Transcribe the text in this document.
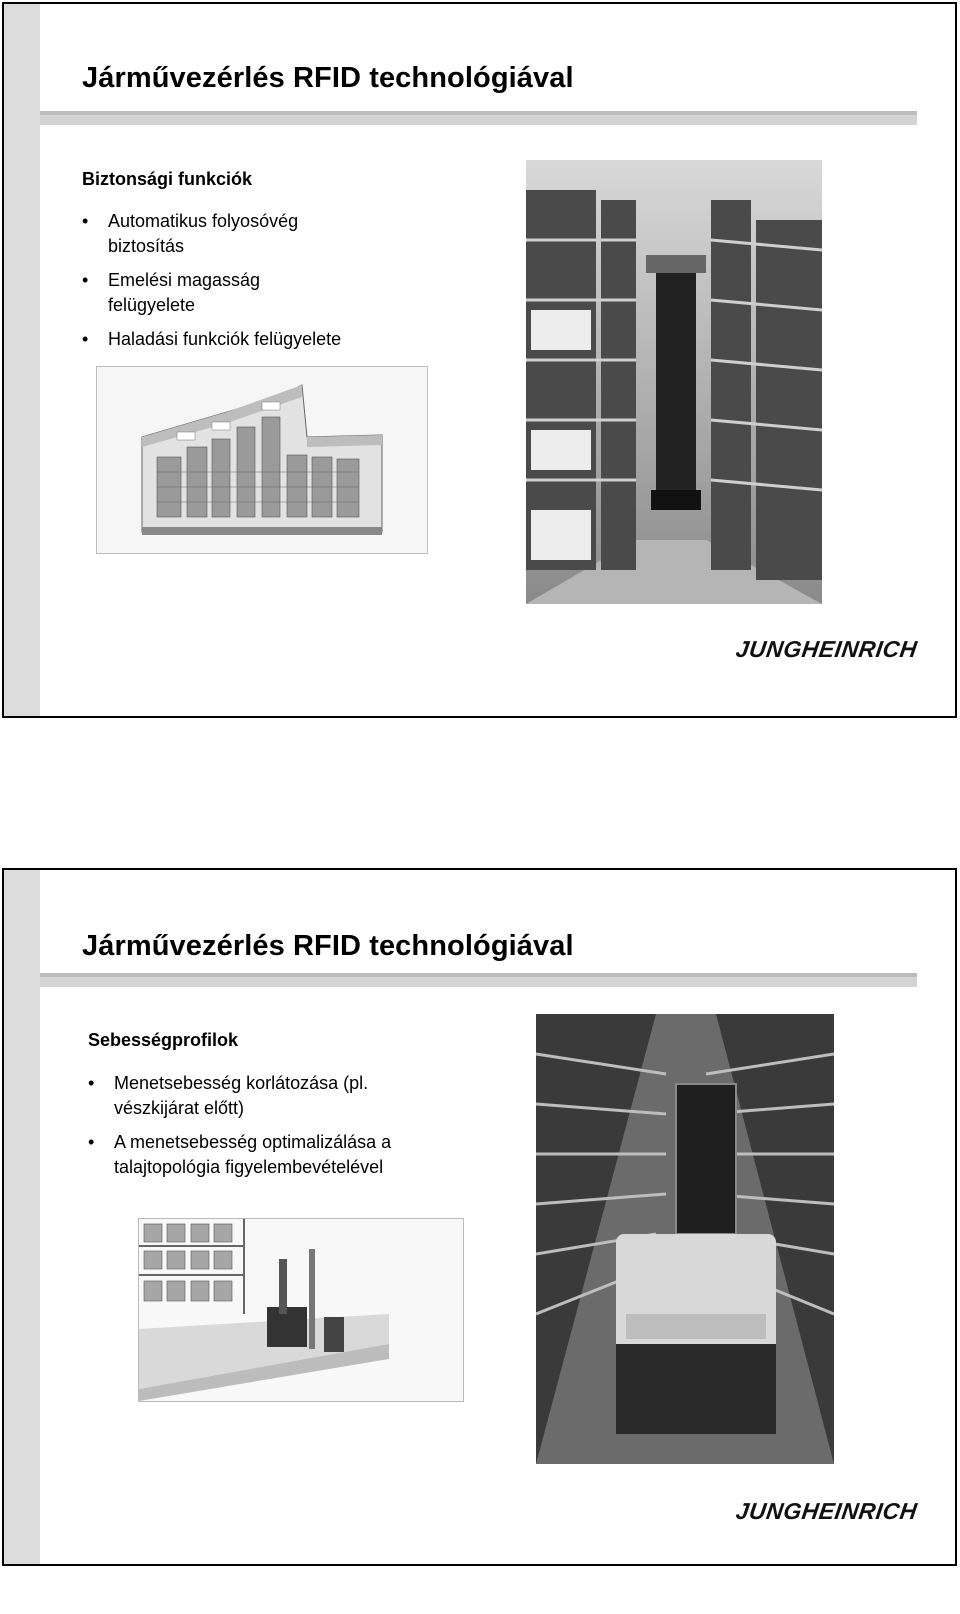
Járművezérlés RFID technológiával
Biztonsági funkciók
• Automatikus folyosóvég biztosítás
• Emelési magasság felügyelete
• Haladási funkciók felügyelete
JUNGHEINRICH
Járművezérlés RFID technológiával
Sebességprofilok
• Menetsebesség korlátozása (pl. vészkijárat előtt)
• A menetsebesség optimalizálása a talajtopológia figyelembevételével
JUNGHEINRICH
